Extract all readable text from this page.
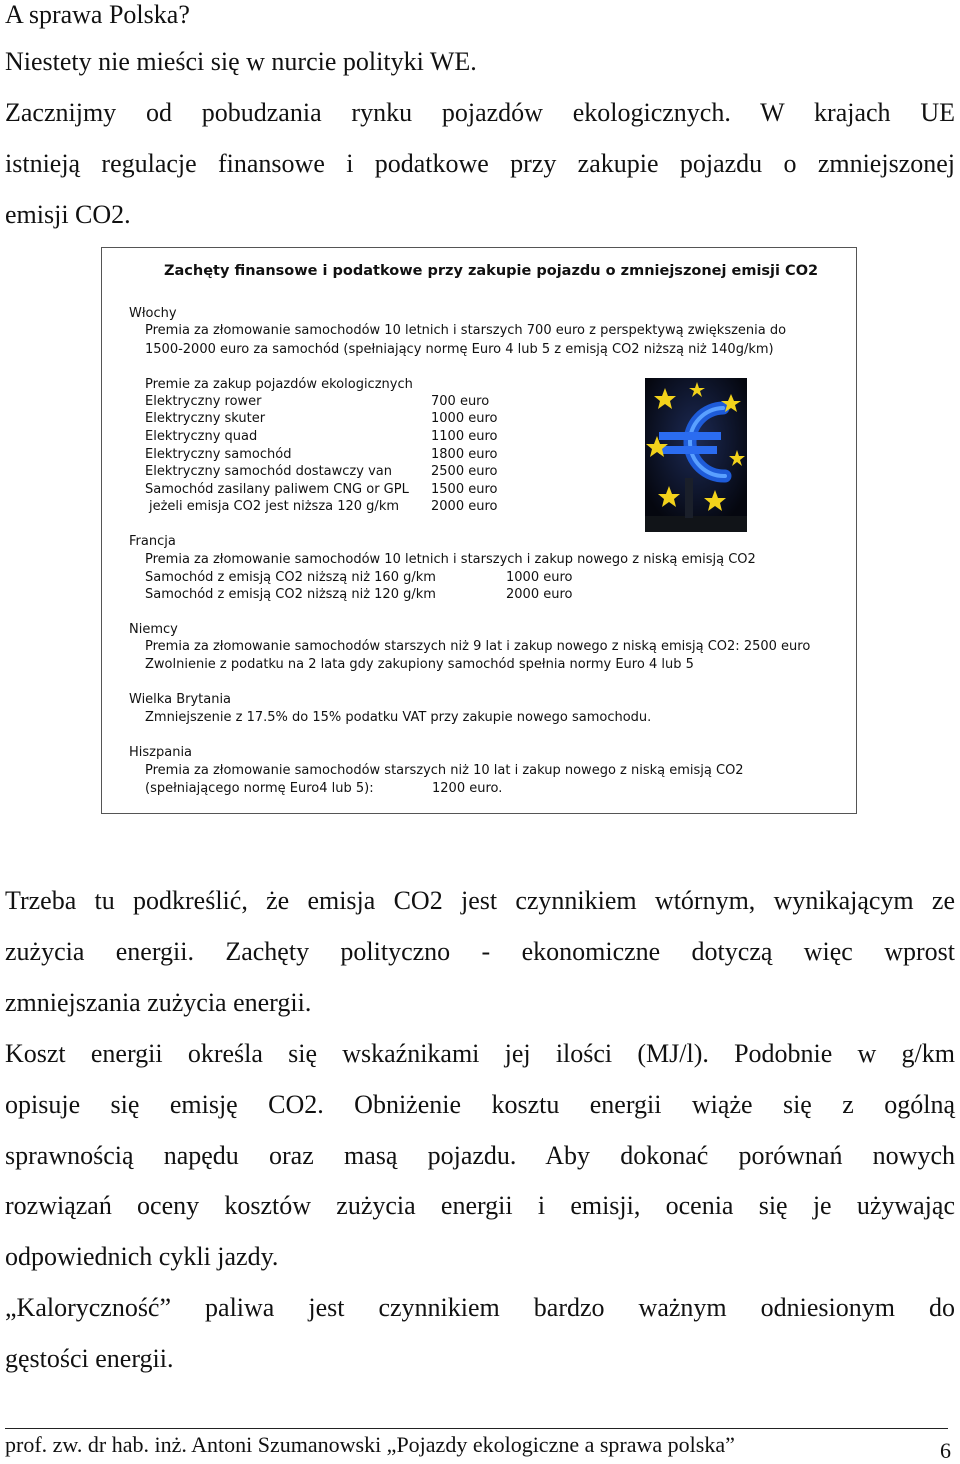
A sprawa Polska?

Niestety nie mieści się w nurcie polityki WE.

Zacznijmy od pobudzania rynku pojazdów ekologicznych. W krajach UE

istnieją regulacje finansowe i podatkowe przy zakupie pojazdu o zmniejszonej

emisji CO2.

Zachęty finansowe i podatkowe przy zakupie pojazdu o zmniejszonej emisji CO2
Włochy
Premia za złomowanie samochodów 10 letnich i starszych 700 euro z perspektywą zwiększenia do
1500-2000 euro za samochód (spełniający normę Euro 4 lub 5 z emisją CO2 niższą niż 140g/km)
Premie za zakup pojazdów ekologicznych
Elektryczny rower	700 euro
Elektryczny skuter	1000 euro
Elektryczny quad	1100 euro
Elektryczny samochód	1800 euro
Elektryczny samochód dostawczy van	2500 euro
Samochód zasilany paliwem CNG or GPL 1500 euro
jeżeli emisja CO2 jest niższa 120 g/km 2000 euro
Francja
Premia za złomowanie samochodów 10 letnich i starszych i zakup nowego z niską emisją CO2
Samochód z emisją CO2 niższą niż 160 g/km	1000 euro
Samochód z emisją CO2 niższą niż 120 g/km	2000 euro
Niemcy
Premia za złomowanie samochodów starszych niż 9 lat i zakup nowego z niską emisją CO2: 2500 euro
Zwolnienie z podatku na 2 lata gdy zakupiony samochód spełnia normy Euro 4 lub 5
Wielka Brytania
Zmniejszenie z 17.5% do 15% podatku VAT przy zakupie nowego samochodu.
Hiszpania
Premia za złomowanie samochodów starszych niż 10 lat i zakup nowego z niską emisją CO2
(spełniającego normę Euro4 lub 5):	1200 euro.

Trzeba tu podkreślić, że emisja CO2 jest czynnikiem wtórnym, wynikającym ze

zużycia energii. Zachęty polityczno - ekonomiczne dotyczą więc wprost

zmniejszania zużycia energii.

Koszt energii określa się wskaźnikami jej ilości (MJ/l). Podobnie w g/km

opisuje się emisję CO2. Obniżenie kosztu energii wiąże się z ogólną

sprawnością napędu oraz masą pojazdu. Aby dokonać porównań nowych

rozwiązań oceny kosztów zużycia energii i emisji, ocenia się je używając

odpowiednich cykli jazdy.

„Kaloryczność” paliwa jest czynnikiem bardzo ważnym odniesionym do

gęstości energii.

prof. zw. dr hab. inż. Antoni Szumanowski „Pojazdy ekologiczne a sprawa polska”	6
